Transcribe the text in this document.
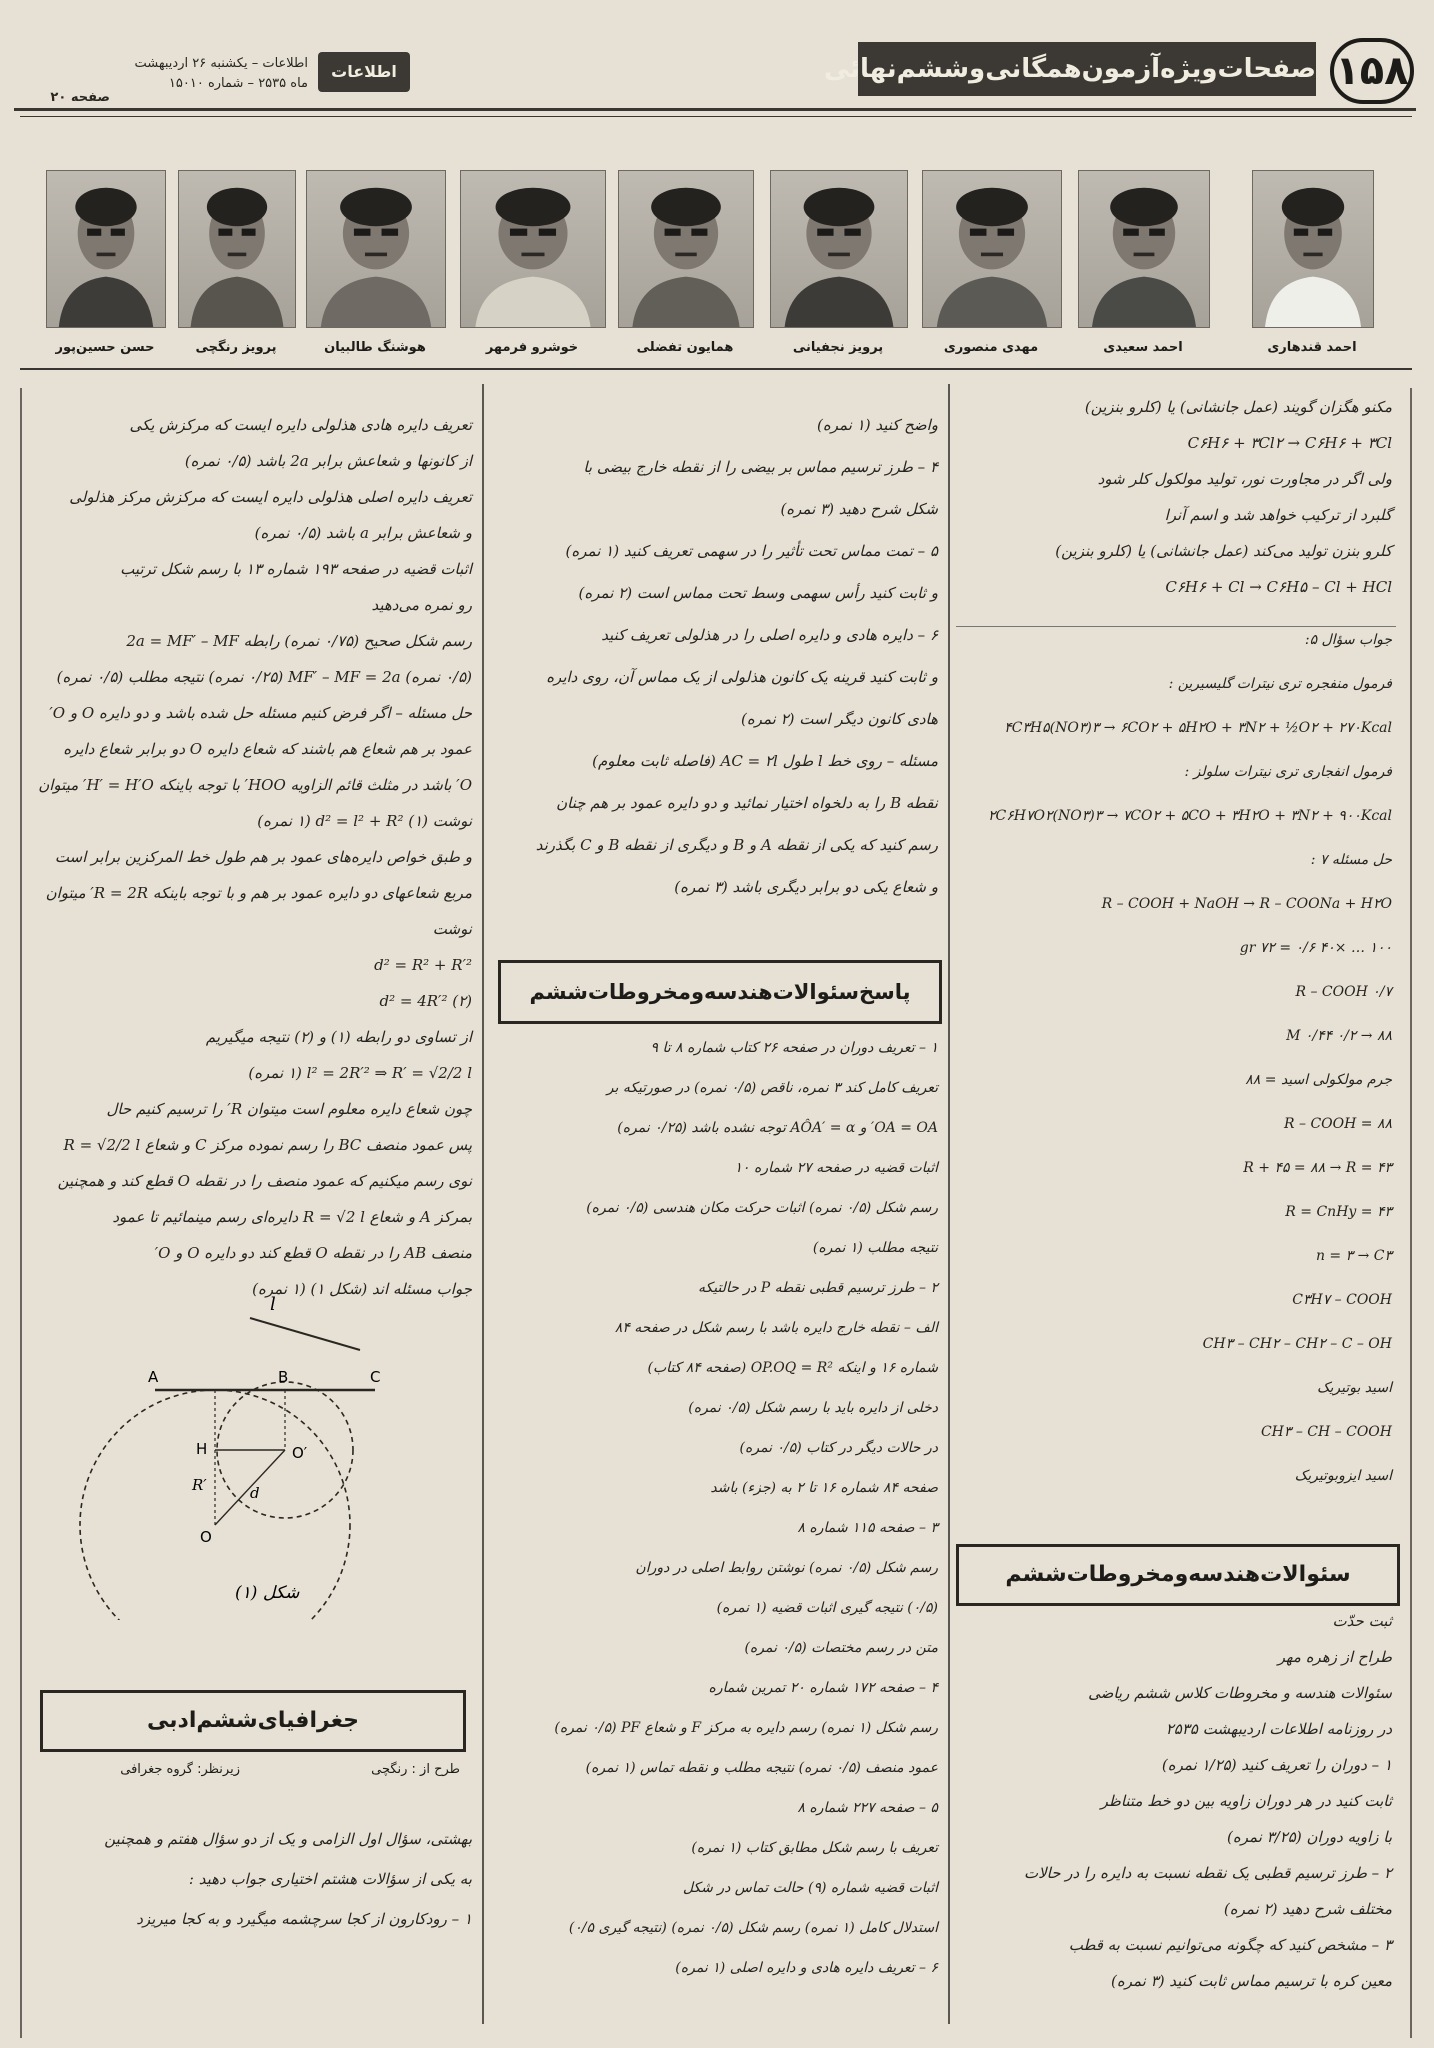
۱۵۸
صفحات‌ویژه‌آزمون‌همگانی‌وششم‌نهائی
اطلاعات
اطلاعات – یکشنبه ۲۶ اردیبهشت
ماه ۲۵۳۵ – شماره ۱۵۰۱۰
صفحه ۲۰
احمد قندهاری
احمد سعیدی
مهدی منصوری
پرویز نجفیانی
همایون تفضلی
خوشرو فرمهر
هوشنگ طالبیان
پرویز رنگچی
حسن حسین‌پور
مکنو هگزان گویند (عمل جانشانی) یا (کلرو بنزین)
C۶H۶ + ۳Cl۲ → C۶H۶ + ۳Cl
ولی اگر در مجاورت نور، تولید مولکول کلر شود
گلبرد از ترکیب خواهد شد و اسم آنرا
کلرو بنزن تولید می‌کند (عمل جانشانی) یا (کلرو بنزین)
C۶H۶ + Cl → C۶H۵ – Cl + HCl
جواب سؤال ۵:
فرمول منفجره تری نیترات گلیسیرین :
۴C۳H۵(NO۳)۳ → ۶CO۲ + ۵H۲O + ۳N۲ + ½O۲ + ۲۷۰Kcal
فرمول انفجاری تری نیترات سلولز :
۲C۶H۷O۲(NO۳)۳ → ۷CO۲ + ۵CO + ۳H۲O + ۳N۲ + ۹۰۰Kcal
حل مسئله ۷ :
R – COOH + NaOH → R – COONa + H۲O
۱۰۰ … ×۴۰ ۰/۶ = ۷۲ gr
R – COOH ۰/۷
M ۰/۴۴ ۰/۲ → ۸۸
جرم مولکولی اسید = ۸۸
R – COOH = ۸۸
R + ۴۵ = ۸۸ → R = ۴۳
R = CnHy = ۴۳
n = ۳ → C۳
C۳H۷ – COOH
CH۳ – CH۲ – CH۲ – C – OH
اسید بوتیریک
CH۳ – CH – COOH
اسید ایزوبوتیریک
سئوالات‌هندسه‌ومخروطات‌ششم
ثبت حدّت
طراح از زهره مهر
سئوالات هندسه و مخروطات کلاس ششم ریاضی
در روزنامه اطلاعات اردیبهشت ۲۵۳۵
۱ – دوران را تعریف کنید (۱/۲۵ نمره)
ثابت کنید در هر دوران زاویه بین دو خط متناظر
با زاویه دوران (۳/۲۵ نمره)
۲ – طرز ترسیم قطبی یک نقطه نسبت به دایره را در حالات
مختلف شرح دهید (۲ نمره)
۳ – مشخص کنید که چگونه می‌توانیم نسبت به قطب
معین کره با ترسیم مماس ثابت کنید (۳ نمره)
واضح کنید (۱ نمره)
۴ – طرز ترسیم مماس بر بیضی را از نقطه خارج بیضی با
شکل شرح دهید (۳ نمره)
۵ – تمت مماس تحت تأثیر را در سهمی تعریف کنید (۱ نمره)
و ثابت کنید رأس سهمی وسط تحت مماس است (۲ نمره)
۶ – دایره هادی و دایره اصلی را در هذلولی تعریف کنید
و ثابت کنید قرینه یک کانون هذلولی از یک مماس آن، روی دایره
هادی کانون دیگر است (۲ نمره)
مسئله – روی خط l طول AC = ۲l (فاصله ثابت معلوم)
نقطه B را به دلخواه اختیار نمائید و دو دایره عمود بر هم چنان
رسم کنید که یکی از نقطه A و B و دیگری از نقطه B و C بگذرند
و شعاع یکی دو برابر دیگری باشد (۳ نمره)
پاسخ‌سئوالات‌هندسه‌ومخروطات‌ششم
۱ – تعریف دوران در صفحه ۲۶ کتاب شماره ۸ تا ۹
تعریف کامل کند ۳ نمره، ناقص (۰/۵ نمره) در صورتیکه بر
OA = OA′ و AÔA′ = α توجه نشده باشد (۰/۲۵ نمره)
اثبات قضیه در صفحه ۲۷ شماره ۱۰
رسم شکل (۰/۵ نمره) اثبات حرکت مکان هندسی (۰/۵ نمره)
نتیجه مطلب (۱ نمره)
۲ – طرز ترسیم قطبی نقطه P در حالتیکه
الف – نقطه خارج دایره باشد با رسم شکل در صفحه ۸۴
شماره ۱۶ و اینکه OP.OQ = R² (صفحه ۸۴ کتاب)
دخلی از دایره باید با رسم شکل (۰/۵ نمره)
در حالات دیگر در کتاب (۰/۵ نمره)
صفحه ۸۴ شماره ۱۶ تا ۲ به (جزء) باشد
۳ – صفحه ۱۱۵ شماره ۸
رسم شکل (۰/۵ نمره) نوشتن روابط اصلی در دوران
(۰/۵) نتیجه گیری اثبات قضیه (۱ نمره)
متن در رسم مختصات (۰/۵ نمره)
۴ – صفحه ۱۷۲ شماره ۲۰ تمرین شماره
رسم شکل (۱ نمره) رسم دایره به مرکز F و شعاع PF (۰/۵ نمره)
عمود منصف (۰/۵ نمره) نتیجه مطلب و نقطه تماس (۱ نمره)
۵ – صفحه ۲۲۷ شماره ۸
تعریف با رسم شکل مطابق کتاب (۱ نمره)
اثبات قضیه شماره (۹) حالت تماس در شکل
استدلال کامل (۱ نمره) رسم شکل (۰/۵ نمره) (نتیجه گیری ۰/۵)
۶ – تعریف دایره هادی و دایره اصلی (۱ نمره)
تعریف دایره هادی هذلولی دایره ایست که مرکزش یکی
از کانونها و شعاعش برابر 2a باشد (۰/۵ نمره)
تعریف دایره اصلی هذلولی دایره ایست که مرکزش مرکز هذلولی
و شعاعش برابر a باشد (۰/۵ نمره)
اثبات قضیه در صفحه ۱۹۳ شماره ۱۳ با رسم شکل ترتیب
رو نمره می‌دهید
رسم شکل صحیح (۰/۷۵ نمره) رابطه 2a = MF′ – MF
(۰/۵ نمره) MF′ – MF = 2a (۰/۲۵ نمره) نتیجه مطلب (۰/۵ نمره)
حل مسئله – اگر فرض کنیم مسئله حل شده باشد و دو دایره O و O′
عمود بر هم شعاع هم باشند که شعاع دایره O دو برابر شعاع دایره
O′ باشد در مثلث قائم الزاویه HOO′ با توجه باینکه H′ = H′O′ میتوان
نوشت (۱) d² = l² + R² (۱ نمره)
و طبق خواص دایره‌های عمود بر هم طول خط المرکزین برابر است
مربع شعاعهای دو دایره عمود بر هم و با توجه باینکه R = 2R′ میتوان
نوشت
d² = R² + R′²
d² = 4R′² (۲)
از تساوی دو رابطه (۱) و (۲) نتیجه میگیریم
l² = 2R′² ⇒ R′ = √2/2 l (۱ نمره)
چون شعاع دایره معلوم است میتوان R′ را ترسیم کنیم حال
پس عمود منصف BC را رسم نموده مرکز C و شعاع R = √2/2 l
نوی رسم میکنیم که عمود منصف را در نقطه O قطع کند و همچنین
بمرکز A و شعاع R = √2 l دایره‌ای رسم مینمائیم تا عمود
منصف AB را در نقطه O قطع کند دو دایره O و O′
جواب مسئله اند (شکل ۱) (۱ نمره)
l
A	B	C
H
O
O′
R′	d
شکل (۱)
جغرافیای‌ششم‌ادبی
طرح از : رنگچی
زیرنظر: گروه جغرافی
بهشتی، سؤال اول الزامی و یک از دو سؤال هفتم و همچنین
به یکی از سؤالات هشتم اختیاری جواب دهید :
۱ – رودکارون از کجا سرچشمه میگیرد و به کجا میریزد
